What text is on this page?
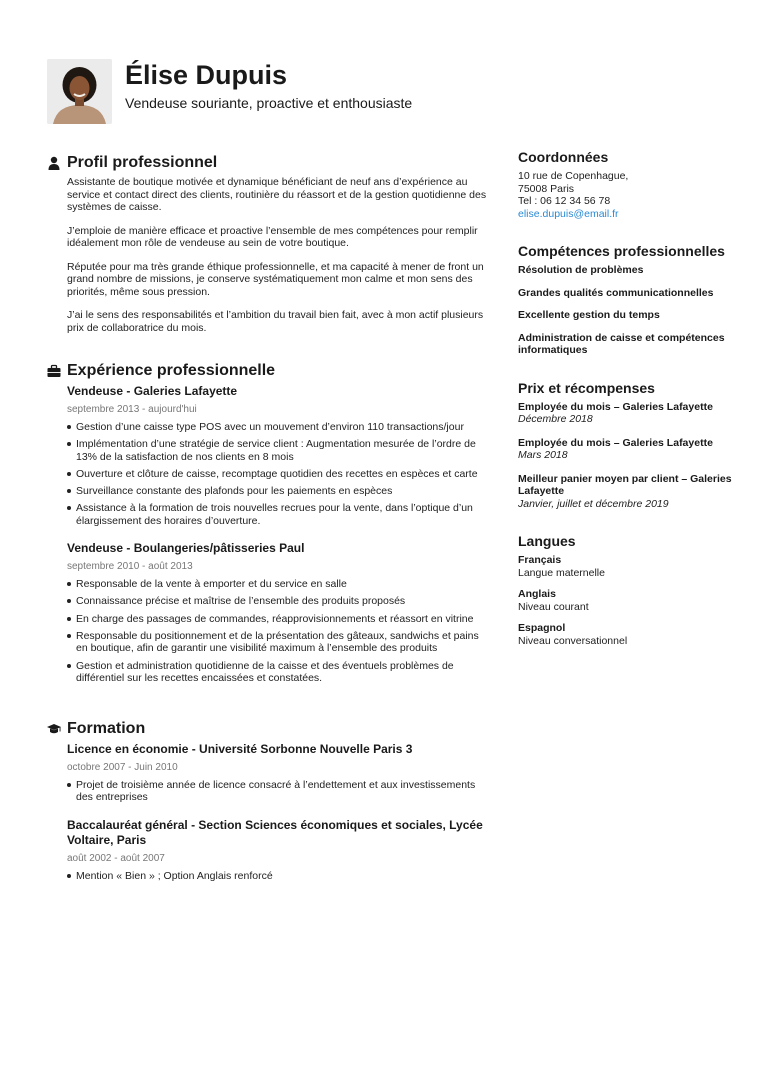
Élise Dupuis

Vendeuse souriante, proactive et enthousiaste

Profil professionnel

Assistante de boutique motivée et dynamique bénéficiant de neuf ans d’expérience au service et contact direct des clients, routinière du réassort et de la gestion quotidienne des systèmes de caisse.

J’emploie de manière efficace et proactive l’ensemble de mes compétences pour remplir idéalement mon rôle de vendeuse au sein de votre boutique.

Réputée pour ma très grande éthique professionnelle, et ma capacité à mener de front un grand nombre de missions, je conserve systématiquement mon calme et mon sens des priorités, même sous pression.

J’ai le sens des responsabilités et l’ambition du travail bien fait, avec à mon actif plusieurs prix de collaboratrice du mois.

Expérience professionnelle
Vendeuse - Galeries Lafayette
septembre 2013 - aujourd'hui
Gestion d’une caisse type POS avec un mouvement d’environ 110 transactions/jour
Implémentation d’une stratégie de service client : Augmentation mesurée de l’ordre de 13% de la satisfaction de nos clients en 8 mois
Ouverture et clôture de caisse, recomptage quotidien des recettes en espèces et carte
Surveillance constante des plafonds pour les paiements en espèces
Assistance à la formation de trois nouvelles recrues pour la vente, dans l’optique d’un élargissement des horaires d’ouverture.
Vendeuse - Boulangeries/pâtisseries Paul
septembre 2010 - août 2013
Responsable de la vente à emporter et du service en salle
Connaissance précise et maîtrise de l’ensemble des produits proposés
En charge des passages de commandes, réapprovisionnements et réassort en vitrine
Responsable du positionnement et de la présentation des gâteaux, sandwichs et pains en boutique, afin de garantir une visibilité maximum à l’ensemble des produits
Gestion et administration quotidienne de la caisse et des éventuels problèmes de différentiel sur les recettes encaissées et constatées.
Formation
Licence en économie - Université Sorbonne Nouvelle Paris 3
octobre 2007 - Juin 2010
Projet de troisième année de licence consacré à l’endettement et aux investissements des entreprises
Baccalauréat général - Section Sciences économiques et sociales, Lycée Voltaire, Paris
août 2002 - août 2007
Mention « Bien » ; Option Anglais renforcé
Coordonnées
10 rue de Copenhague,
75008 Paris
Tel : 06 12 34 56 78
elise.dupuis@email.fr
Compétences professionnelles
Résolution de problèmes
Grandes qualités communicationnelles
Excellente gestion du temps
Administration de caisse et compétences informatiques
Prix et récompenses
Employée du mois – Galeries Lafayette
Décembre 2018
Employée du mois – Galeries Lafayette
Mars 2018
Meilleur panier moyen par client – Galeries Lafayette
Janvier, juillet et décembre 2019
Langues
Français
Langue maternelle
Anglais
Niveau courant
Espagnol
Niveau conversationnel
